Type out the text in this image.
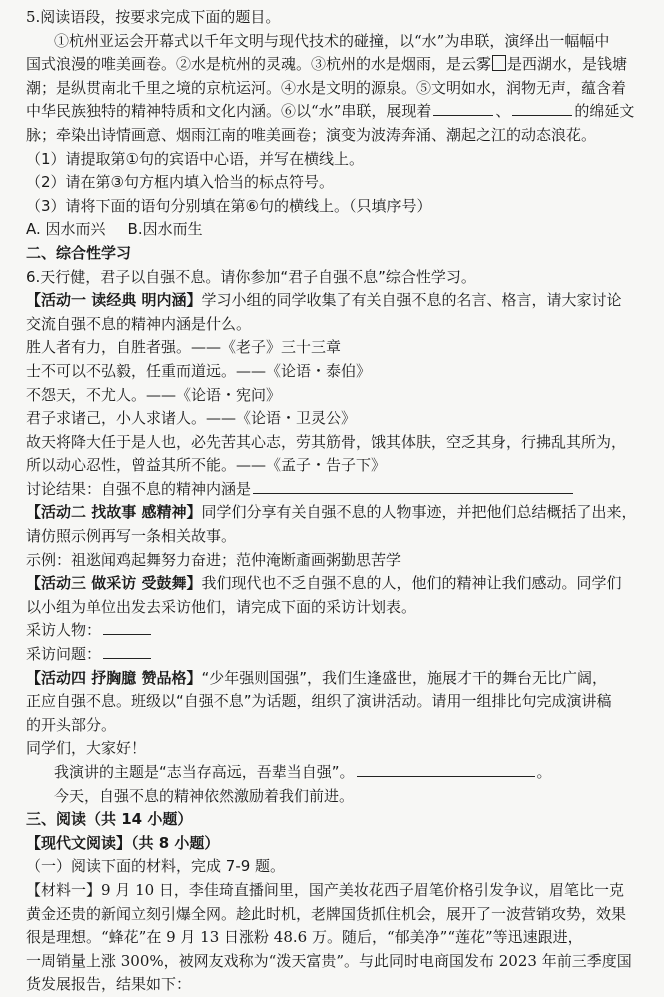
5.阅读语段，按要求完成下面的题目。
①杭州亚运会开幕式以千年文明与现代技术的碰撞，以“水”为串联，演绎出一幅幅中
国式浪漫的唯美画卷。②水是杭州的灵魂。③杭州的水是烟雨，是云雾 是西湖水，是钱塘
潮；是纵贯南北千里之境的京杭运河。④水是文明的源泉。⑤文明如水，润物无声，蕴含着
中华民族独特的精神特质和文化内涵。⑥以“水”串联，展现着	、	的绵延文
脉；牵染出诗情画意、烟雨江南的唯美画卷；演变为波涛奔涌、潮起之江的动态浪花。
（1）请提取第①句的宾语中心语，并写在横线上。
（2）请在第③句方框内填入恰当的标点符号。
（3）请将下面的语句分别填在第⑥句的横线上。（只填序号）
A. 因水而兴 B.因水而生
二、综合性学习
6.天行健，君子以自强不息。请你参加“君子自强不息”综合性学习。
【活动一 读经典 明内涵】学习小组的同学收集了有关自强不息的名言、格言，请大家讨论
交流自强不息的精神内涵是什么。
胜人者有力，自胜者强。——《老子》三十三章
士不可以不弘毅，任重而道远。——《论语・泰伯》
不怨天，不尤人。——《论语・宪问》
君子求诸己，小人求诸人。——《论语・卫灵公》
故天将降大任于是人也，必先苦其心志，劳其筋骨，饿其体肤，空乏其身，行拂乱其所为，
所以动心忍性，曾益其所不能。——《孟子・告子下》
讨论结果：自强不息的精神内涵是
【活动二 找故事 感精神】同学们分享有关自强不息的人物事迹，并把他们总结概括了出来，
请仿照示例再写一条相关故事。
示例：祖逖闻鸡起舞努力奋进；范仲淹断齑画粥勤思苦学
【活动三 做采访 受鼓舞】我们现代也不乏自强不息的人，他们的精神让我们感动。同学们
以小组为单位出发去采访他们，请完成下面的采访计划表。
采访人物：
采访问题：
【活动四 抒胸臆 赞品格】“少年强则国强”，我们生逢盛世，施展才干的舞台无比广阔，
正应自强不息。班级以“自强不息”为话题，组织了演讲活动。请用一组排比句完成演讲稿
的开头部分。
同学们，大家好！
我演讲的主题是“志当存高远，吾辈当自强”。	。
今天，自强不息的精神依然激励着我们前进。
三、阅读（共 14 小题）
【现代文阅读】（共 8 小题）
（一）阅读下面的材料，完成 7-9 题。
【材料一】9 月 10 日，李佳琦直播间里，国产美妆花西子眉笔价格引发争议，眉笔比一克
黄金还贵的新闻立刻引爆全网。趁此时机，老牌国货抓住机会，展开了一波营销攻势，效果
很是理想。“蜂花”在 9 月 13 日涨粉 48.6 万。随后，“郁美净”“莲花”等迅速跟进，
一周销量上涨 300%，被网友戏称为“泼天富贵”。与此同时电商国发布 2023 年前三季度国
货发展报告，结果如下：
